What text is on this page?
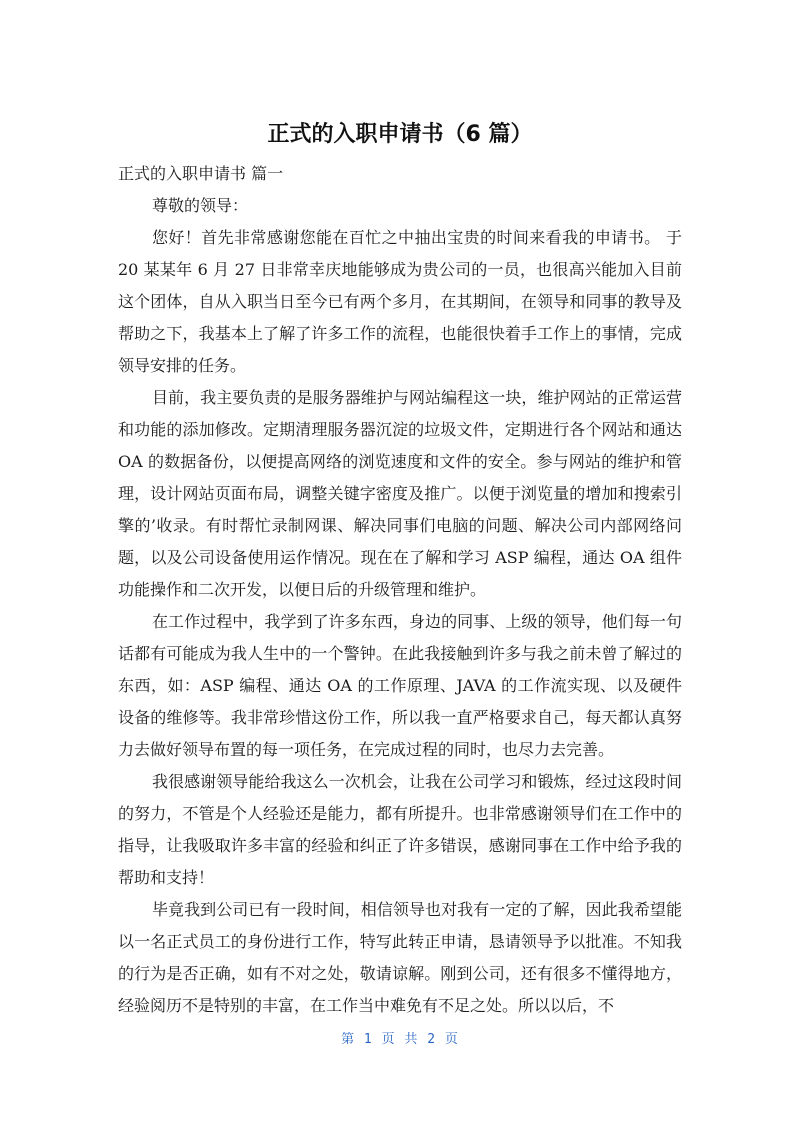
正式的入职申请书（6 篇）

正式的入职申请书 篇一

尊敬的领导：

您好！首先非常感谢您能在百忙之中抽出宝贵的时间来看我的申请书。 于 20 某某年 6 月 27 日非常幸庆地能够成为贵公司的一员，也很高兴能加入目前这个团体，自从入职当日至今已有两个多月，在其期间，在领导和同事的教导及帮助之下，我基本上了解了许多工作的流程，也能很快着手工作上的事情，完成领导安排的任务。

目前，我主要负责的是服务器维护与网站编程这一块，维护网站的正常运营和功能的添加修改。定期清理服务器沉淀的垃圾文件，定期进行各个网站和通达 OA 的数据备份，以便提高网络的浏览速度和文件的安全。参与网站的维护和管理，设计网站页面布局，调整关键字密度及推广。以便于浏览量的增加和搜索引擎的’收录。有时帮忙录制网课、解决同事们电脑的问题、解决公司内部网络问题，以及公司设备使用运作情况。现在在了解和学习 ASP 编程，通达 OA 组件功能操作和二次开发，以便日后的升级管理和维护。

在工作过程中，我学到了许多东西，身边的同事、上级的领导，他们每一句话都有可能成为我人生中的一个警钟。在此我接触到许多与我之前未曾了解过的东西，如：ASP 编程、通达 OA 的工作原理、JAVA 的工作流实现、以及硬件设备的维修等。我非常珍惜这份工作，所以我一直严格要求自己，每天都认真努力去做好领导布置的每一项任务，在完成过程的同时，也尽力去完善。

我很感谢领导能给我这么一次机会，让我在公司学习和锻炼，经过这段时间的努力，不管是个人经验还是能力，都有所提升。也非常感谢领导们在工作中的指导，让我吸取许多丰富的经验和纠正了许多错误，感谢同事在工作中给予我的帮助和支持！

毕竟我到公司已有一段时间，相信领导也对我有一定的了解，因此我希望能以一名正式员工的身份进行工作，特写此转正申请，恳请领导予以批准。不知我的行为是否正确，如有不对之处，敬请谅解。刚到公司，还有很多不懂得地方，经验阅历不是特别的丰富，在工作当中难免有不足之处。所以以后，不

第 1 页 共 2 页
